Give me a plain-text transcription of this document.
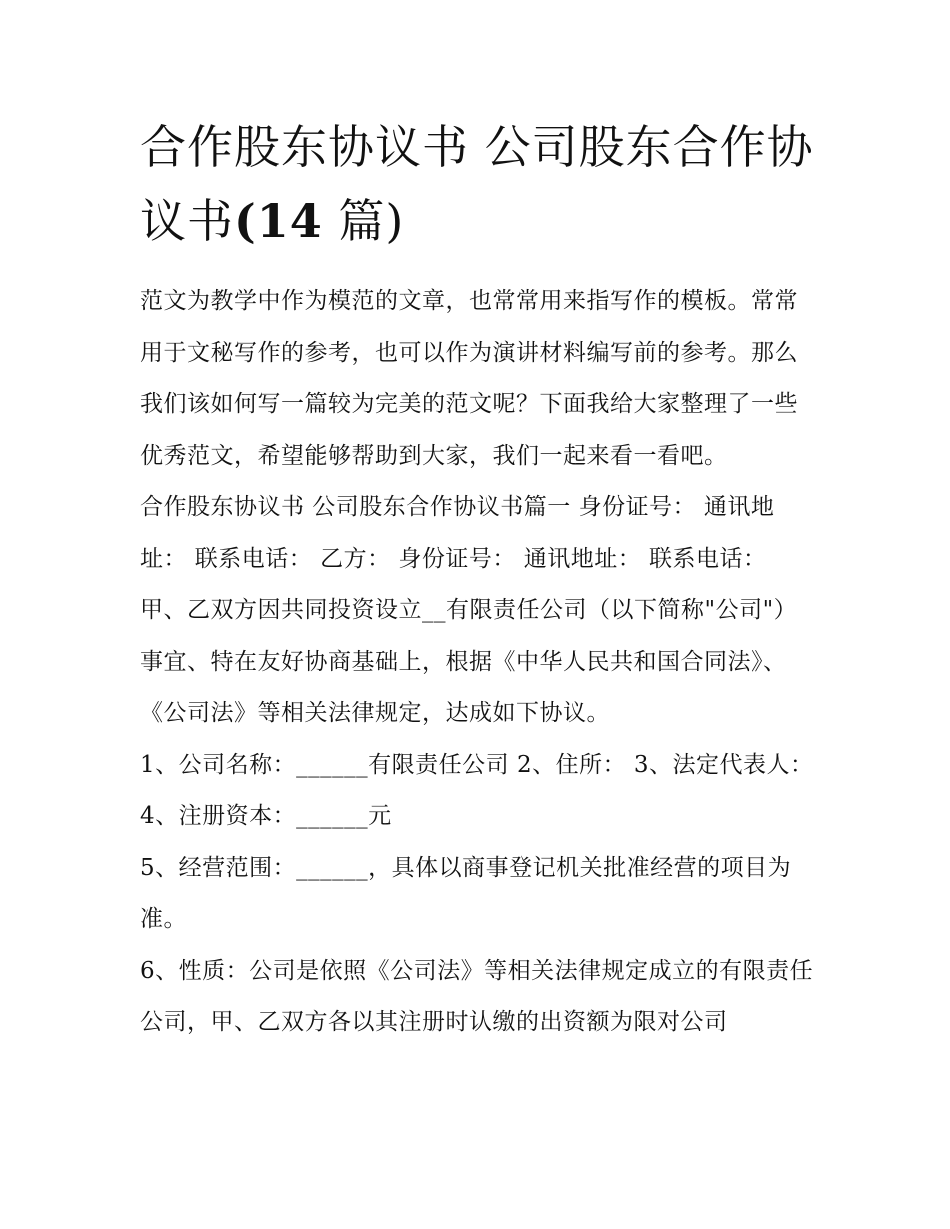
合作股东协议书 公司股东合作协议书(14 篇)

范文为教学中作为模范的文章，也常常用来指写作的模板。常常用于文秘写作的参考，也可以作为演讲材料编写前的参考。那么我们该如何写一篇较为完美的范文呢？下面我给大家整理了一些优秀范文，希望能够帮助到大家，我们一起来看一看吧。

合作股东协议书 公司股东合作协议书篇一 身份证号： 通讯地址： 联系电话： 乙方： 身份证号： 通讯地址： 联系电话： 甲、乙双方因共同投资设立__有限责任公司（以下简称"公司"）事宜、特在友好协商基础上，根据《中华人民共和国合同法》、《公司法》等相关法律规定，达成如下协议。

1、公司名称：______有限责任公司 2、住所： 3、法定代表人： 4、注册资本：______元

5、经营范围：______，具体以商事登记机关批准经营的项目为准。

6、性质：公司是依照《公司法》等相关法律规定成立的有限责任公司，甲、乙双方各以其注册时认缴的出资额为限对公司
